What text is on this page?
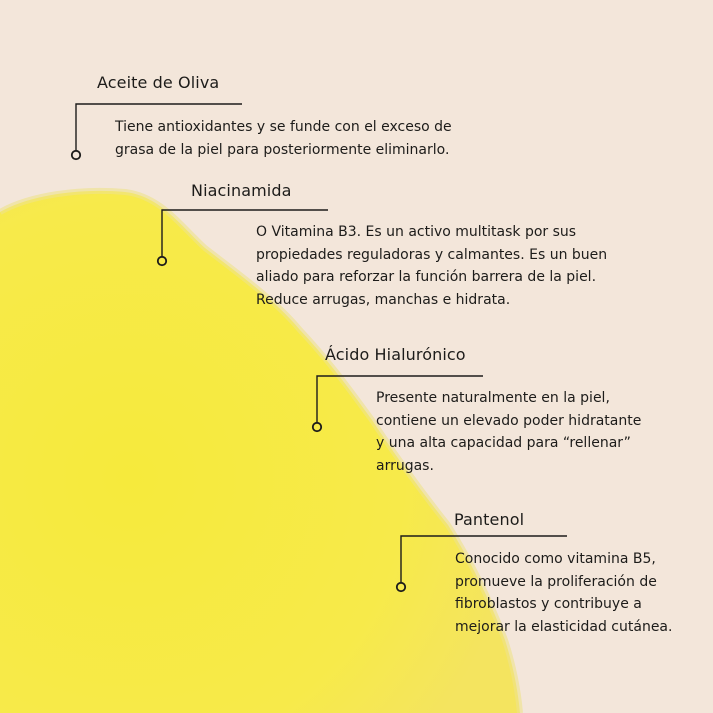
Aceite de Oliva
Tiene antioxidantes y se funde con el exceso de
grasa de la piel para posteriormente eliminarlo.
Niacinamida
O Vitamina B3. Es un activo multitask por sus
propiedades reguladoras y calmantes. Es un buen
aliado para reforzar la función barrera de la piel.
Reduce arrugas, manchas e hidrata.
Ácido Hialurónico
Presente naturalmente en la piel,
contiene un elevado poder hidratante
y una alta capacidad para “rellenar”
arrugas.
Pantenol
Conocido como vitamina B5,
promueve la proliferación de
fibroblastos y contribuye a
mejorar la elasticidad cutánea.
